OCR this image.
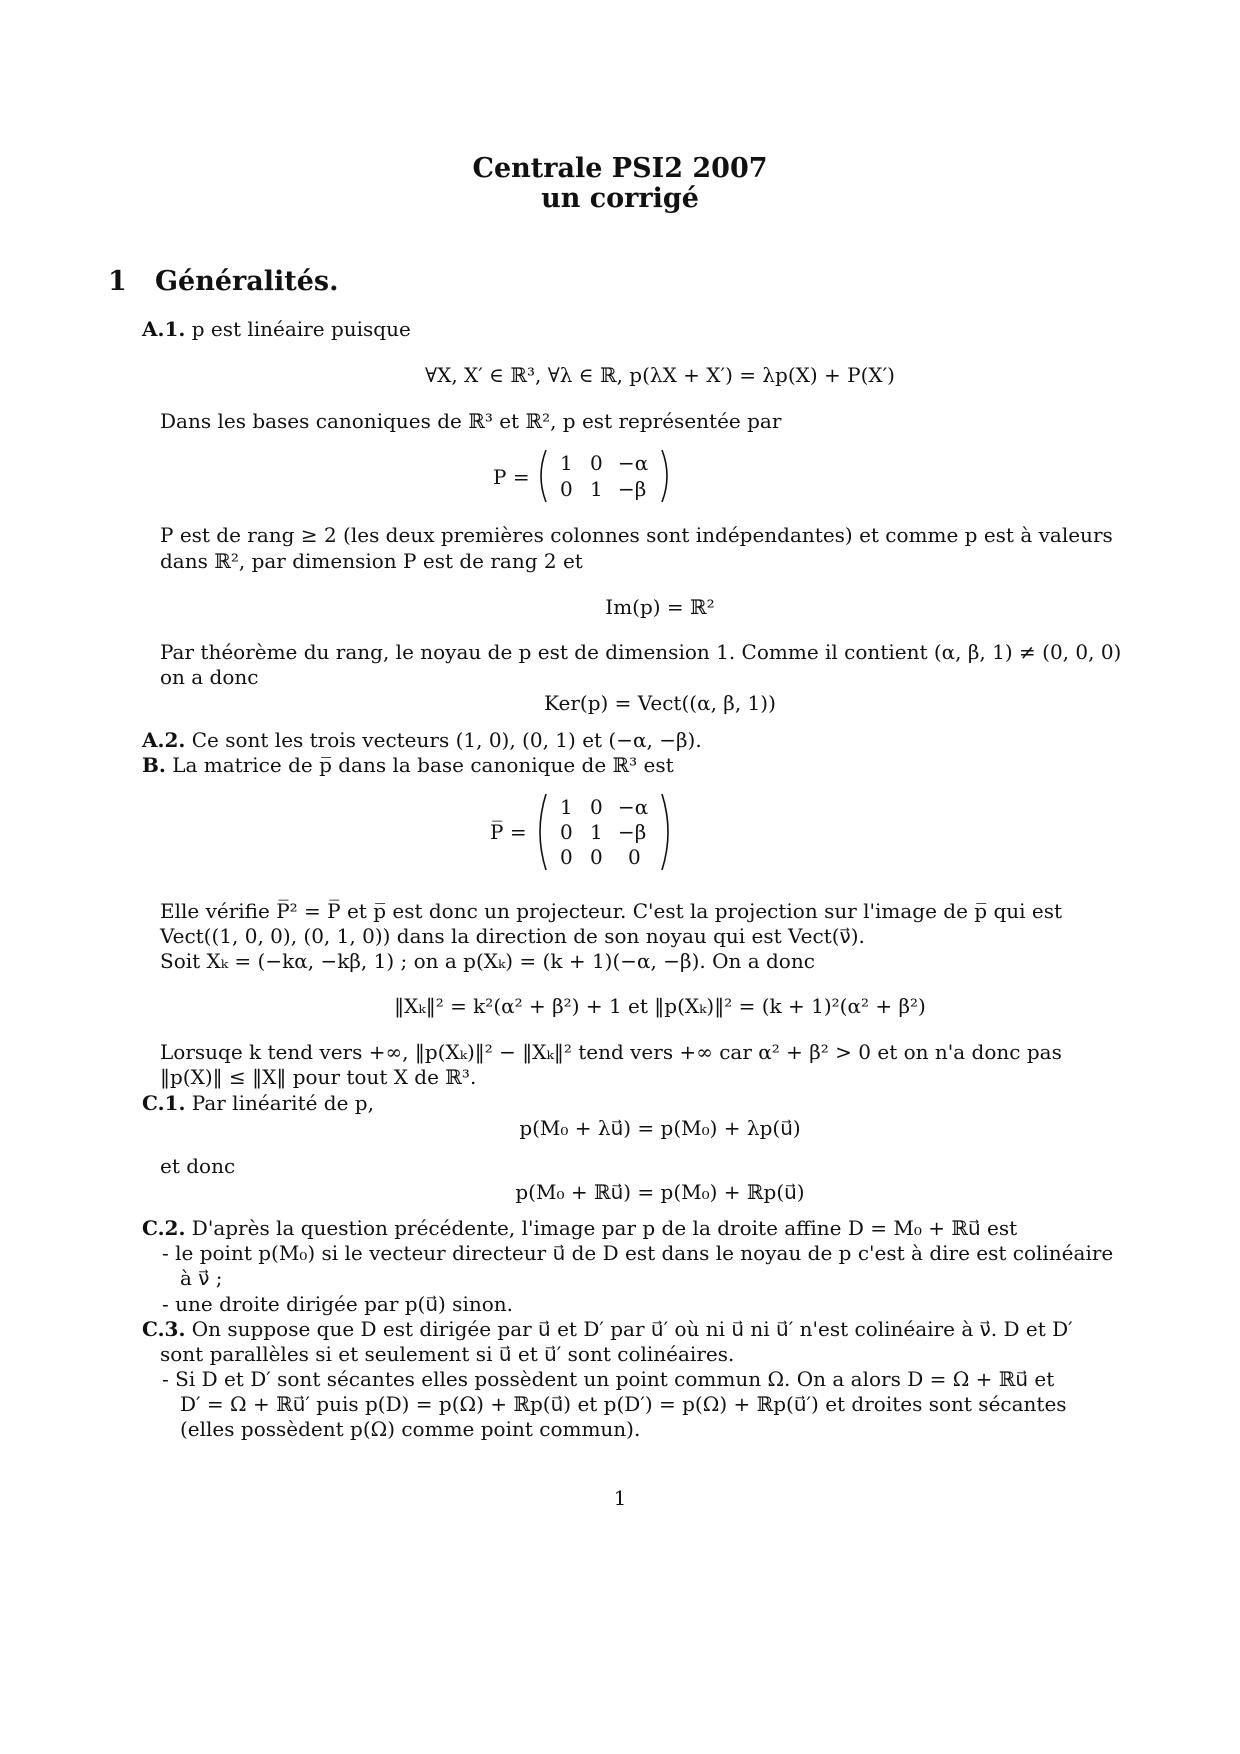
Centrale PSI2 2007
un corrigé
1 Généralités.
A.1. p est linéaire puisque
∀X, X′ ∈ ℝ³, ∀λ ∈ ℝ, p(λX + X′) = λp(X) + P(X′)
Dans les bases canoniques de ℝ³ et ℝ², p est représentée par
P =
1 0 −α
0 1 −β
P est de rang ≥ 2 (les deux premières colonnes sont indépendantes) et comme p est à valeurs
dans ℝ², par dimension P est de rang 2 et
Im(p) = ℝ²
Par théorème du rang, le noyau de p est de dimension 1. Comme il contient (α, β, 1) ≠ (0, 0, 0)
on a donc
Ker(p) = Vect((α, β, 1))
A.2. Ce sont les trois vecteurs (1, 0), (0, 1) et (−α, −β).
B. La matrice de p̅ dans la base canonique de ℝ³ est
P̅ =
1 0 −α
0 1 −β
0 0 0
Elle vérifie P̅² = P̅ et p̅ est donc un projecteur. C'est la projection sur l'image de p̅ qui est
Vect((1, 0, 0), (0, 1, 0)) dans la direction de son noyau qui est Vect(ν⃗).
Soit Xₖ = (−kα, −kβ, 1) ; on a p(Xₖ) = (k + 1)(−α, −β). On a donc
‖Xₖ‖² = k²(α² + β²) + 1 et ‖p(Xₖ)‖² = (k + 1)²(α² + β²)
Lorsuqe k tend vers +∞, ‖p(Xₖ)‖² − ‖Xₖ‖² tend vers +∞ car α² + β² > 0 et on n'a donc pas
‖p(X)‖ ≤ ‖X‖ pour tout X de ℝ³.
C.1. Par linéarité de p,
p(M₀ + λu⃗) = p(M₀) + λp(u⃗)
et donc
p(M₀ + ℝu⃗) = p(M₀) + ℝp(u⃗)
C.2. D'après la question précédente, l'image par p de la droite affine D = M₀ + ℝu⃗ est
- le point p(M₀) si le vecteur directeur u⃗ de D est dans le noyau de p c'est à dire est colinéaire
à ν⃗ ;
- une droite dirigée par p(u⃗) sinon.
C.3. On suppose que D est dirigée par u⃗ et D′ par u⃗′ où ni u⃗ ni u⃗′ n'est colinéaire à ν⃗. D et D′
sont parallèles si et seulement si u⃗ et u⃗′ sont colinéaires.
- Si D et D′ sont sécantes elles possèdent un point commun Ω. On a alors D = Ω + ℝu⃗ et
D′ = Ω + ℝu⃗′ puis p(D) = p(Ω) + ℝp(u⃗) et p(D′) = p(Ω) + ℝp(u⃗′) et droites sont sécantes
(elles possèdent p(Ω) comme point commun).
1
